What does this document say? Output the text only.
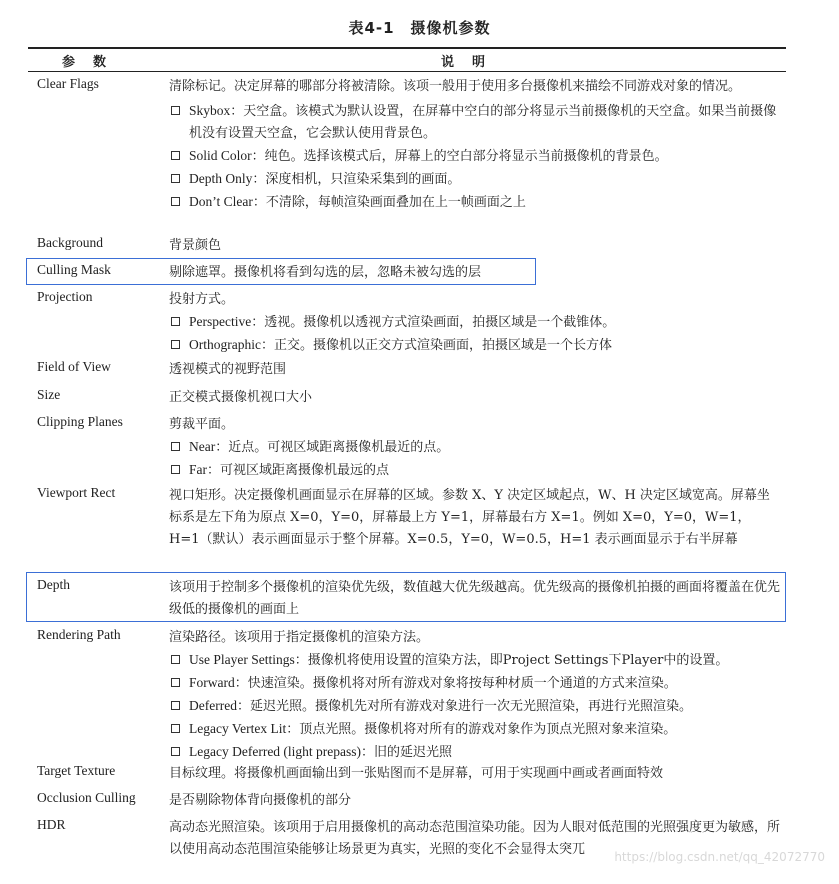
表4-1　摄像机参数
参数	说明
Clear Flags	清除标记。决定屏幕的哪部分将被清除。该项一般用于使用多台摄像机来描绘不同游戏对象的情况。

Skybox：天空盒。该模式为默认设置，在屏幕中空白的部分将显示当前摄像机的天空盒。如果当前摄像机没有设置天空盒，它会默认使用背景色。

Solid Color：纯色。选择该模式后，屏幕上的空白部分将显示当前摄像机的背景色。

Depth Only：深度相机，只渲染采集到的画面。

Don’t Clear：不清除，每帧渲染画面叠加在上一帧画面之上

Background	背景颜色

Culling Mask	剔除遮罩。摄像机将看到勾选的层，忽略未被勾选的层

Projection	投射方式。

Perspective：透视。摄像机以透视方式渲染画面，拍摄区域是一个截锥体。

Orthographic：正交。摄像机以正交方式渲染画面，拍摄区域是一个长方体

Field of View	透视模式的视野范围

Size	正交模式摄像机视口大小

Clipping Planes	剪裁平面。

Near：近点。可视区域距离摄像机最近的点。

Far：可视区域距离摄像机最远的点

Viewport Rect	视口矩形。决定摄像机画面显示在屏幕的区域。参数 X、Y 决定区域起点，W、H 决定区域宽高。屏幕坐标系是左下角为原点 X=0，Y=0，屏幕最上方 Y=1，屏幕最右方 X=1。例如 X=0，Y=0，W=1，H=1（默认）表示画面显示于整个屏幕。X=0.5，Y=0，W=0.5，H=1 表示画面显示于右半屏幕

Depth	该项用于控制多个摄像机的渲染优先级，数值越大优先级越高。优先级高的摄像机拍摄的画面将覆盖在优先级低的摄像机的画面上

Rendering Path	渲染路径。该项用于指定摄像机的渲染方法。

Use Player Settings：摄像机将使用设置的渲染方法，即Project Settings下Player中的设置。

Forward：快速渲染。摄像机将对所有游戏对象将按每种材质一个通道的方式来渲染。

Deferred：延迟光照。摄像机先对所有游戏对象进行一次无光照渲染，再进行光照渲染。

Legacy Vertex Lit：顶点光照。摄像机将对所有的游戏对象作为顶点光照对象来渲染。

Legacy Deferred (light prepass)：旧的延迟光照

Target Texture	目标纹理。将摄像机画面输出到一张贴图而不是屏幕，可用于实现画中画或者画面特效

Occlusion Culling	是否剔除物体背向摄像机的部分

HDR	高动态光照渲染。该项用于启用摄像机的高动态范围渲染功能。因为人眼对低范围的光照强度更为敏感，所以使用高动态范围渲染能够让场景更为真实，光照的变化不会显得太突兀	https://blog.csdn.net/qq_42072770
